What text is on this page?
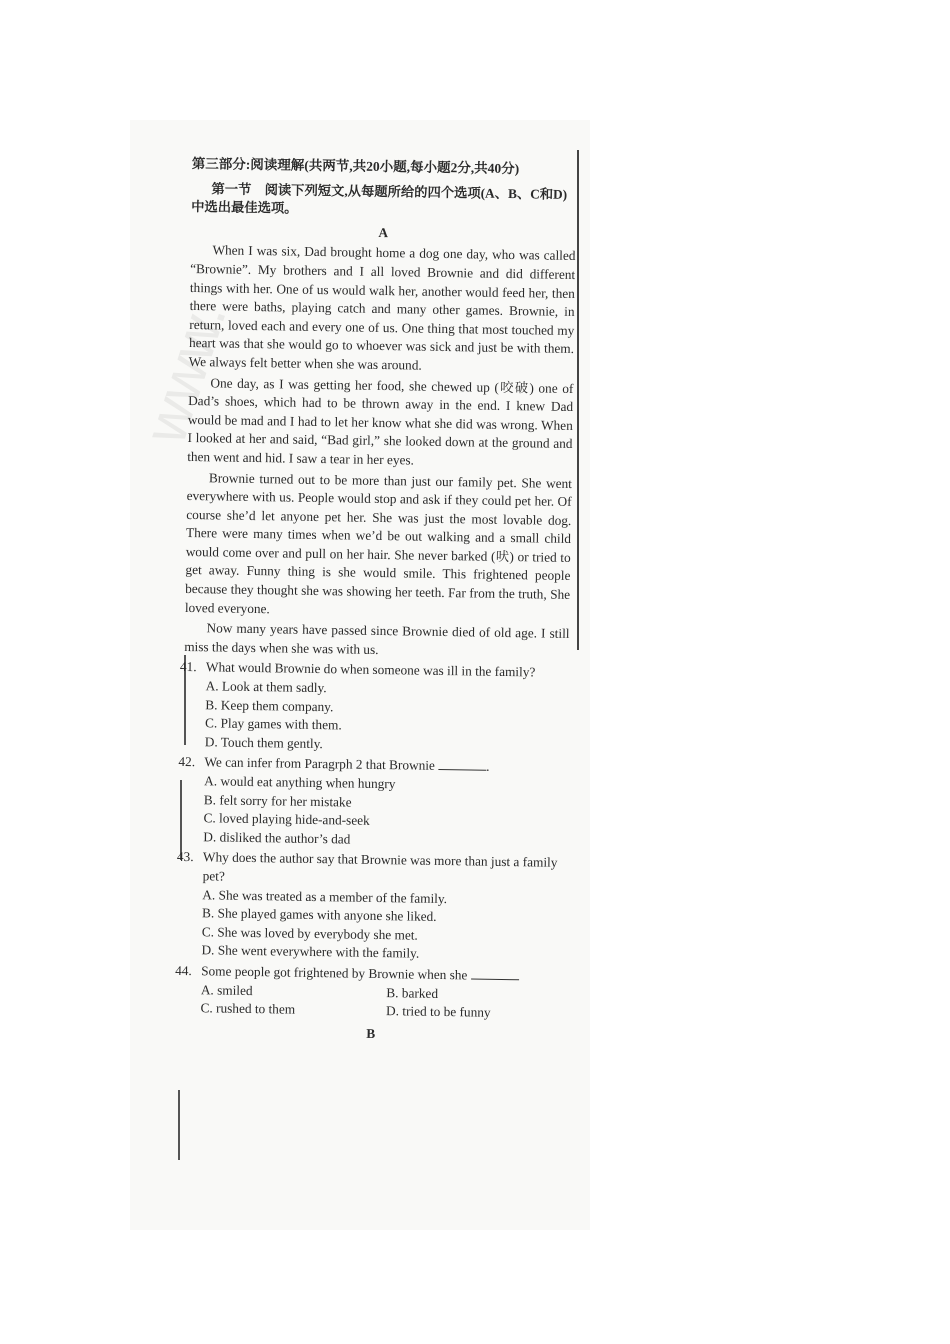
www.
第三部分:阅读理解(共两节,共20小题,每小题2分,共40分)
第一节　阅读下列短文,从每题所给的四个选项(A、B、C和D)中选出最佳选项。
A

When I was six, Dad brought home a dog one day, who was called “Brownie”. My brothers and I all loved Brownie and did different things with her. One of us would walk her, another would feed her, then there were baths, playing catch and many other games. Brownie, in return, loved each and every one of us. One thing that most touched my heart was that she would go to whoever was sick and just be with them. We always felt better when she was around.

One day, as I was getting her food, she chewed up (咬破) one of Dad’s shoes, which had to be thrown away in the end. I knew Dad would be mad and I had to let her know what she did was wrong. When I looked at her and said, “Bad girl,” she looked down at the ground and then went and hid. I saw a tear in her eyes.

Brownie turned out to be more than just our family pet. She went everywhere with us. People would stop and ask if they could pet her. Of course she’d let anyone pet her. She was just the most lovable dog. There were many times when we’d be out walking and a small child would come over and pull on her hair. She never barked (吠) or tried to get away. Funny thing is she would smile. This frightened people because they thought she was showing her teeth. Far from the truth, She loved everyone.

Now many years have passed since Brownie died of old age. I still miss the days when she was with us.

41. What would Brownie do when someone was ill in the family?
A. Look at them sadly.
B. Keep them company.
C. Play games with them.
D. Touch them gently.
42. We can infer from Paragrph 2 that Brownie	.
A. would eat anything when hungry
B. felt sorry for her mistake
C. loved playing hide-and-seek
D. disliked the author’s dad
43. Why does the author say that Brownie was more than just a family pet?
A. She was treated as a member of the family.
B. She played games with anyone she liked.
C. She was loved by everybody she met.
D. She went everywhere with the family.
44. Some people got frightened by Brownie when she
A. smiled	B. barked
C. rushed to them	D. tried to be funny
B
